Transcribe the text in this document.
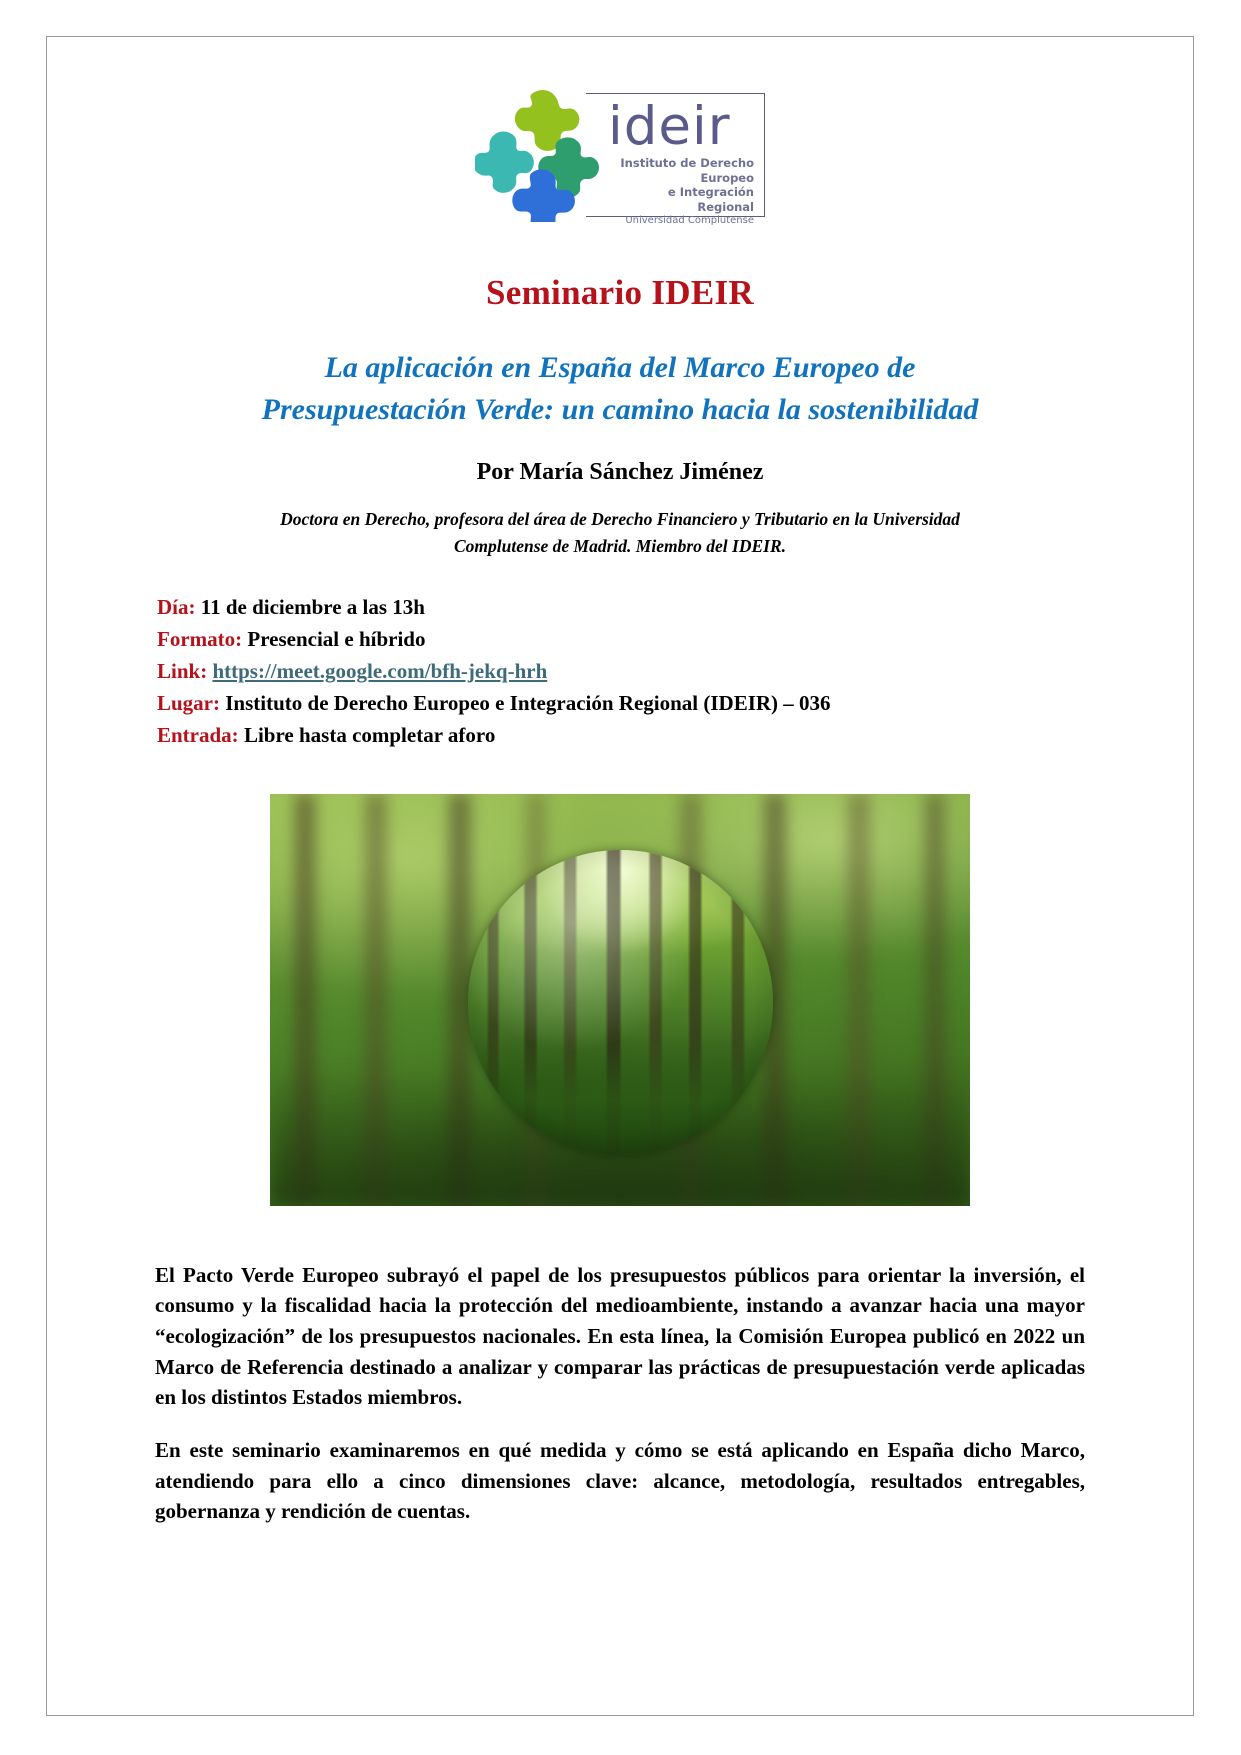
ideir
Instituto de Derecho Europeo
e Integración Regional
Universidad Complutense
Seminario IDEIR
La aplicación en España del Marco Europeo de
Presupuestación Verde: un camino hacia la sostenibilidad
Por María Sánchez Jiménez
Doctora en Derecho, profesora del área de Derecho Financiero y Tributario en la Universidad
Complutense de Madrid. Miembro del IDEIR.
Día: 11 de diciembre a las 13h
Formato: Presencial e híbrido
Link: https://meet.google.com/bfh-jekq-hrh
Lugar: Instituto de Derecho Europeo e Integración Regional (IDEIR) – 036
Entrada: Libre hasta completar aforo

El Pacto Verde Europeo subrayó el papel de los presupuestos públicos para orientar la inversión, el consumo y la fiscalidad hacia la protección del medioambiente, instando a avanzar hacia una mayor “ecologización” de los presupuestos nacionales. En esta línea, la Comisión Europea publicó en 2022 un Marco de Referencia destinado a analizar y comparar las prácticas de presupuestación verde aplicadas en los distintos Estados miembros.

En este seminario examinaremos en qué medida y cómo se está aplicando en España dicho Marco, atendiendo para ello a cinco dimensiones clave: alcance, metodología, resultados entregables, gobernanza y rendición de cuentas.
